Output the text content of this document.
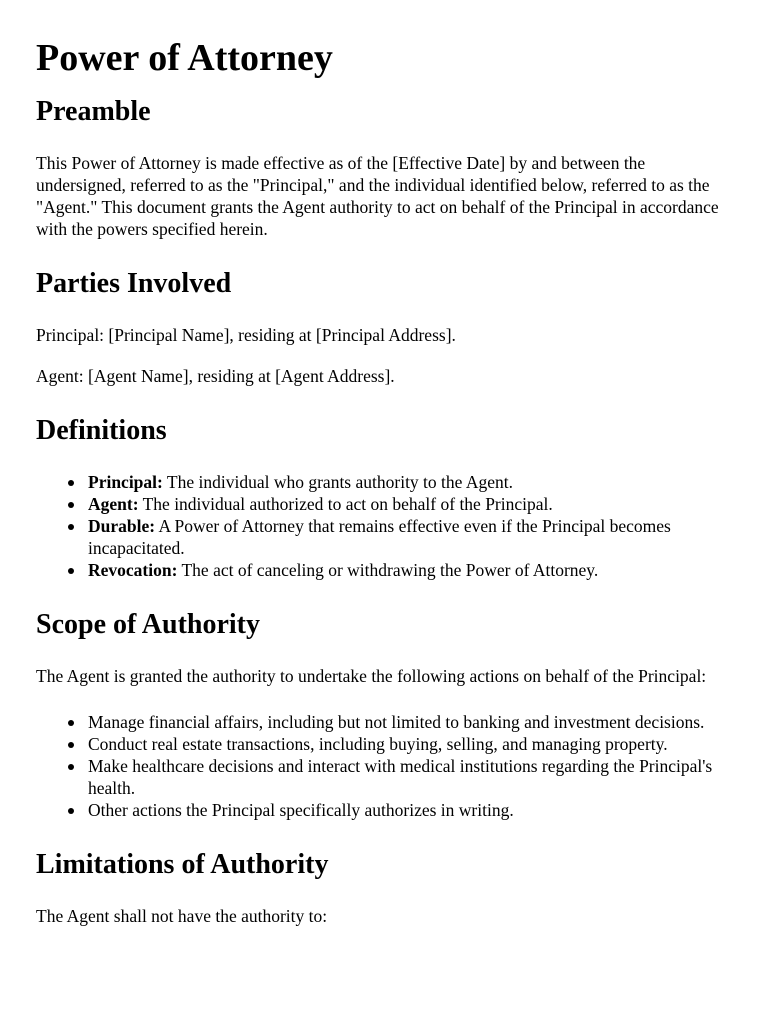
Power of Attorney
Preamble

This Power of Attorney is made effective as of the [Effective Date] by and between the undersigned, referred to as the "Principal," and the individual identified below, referred to as the "Agent." This document grants the Agent authority to act on behalf of the Principal in accordance with the powers specified herein.

Parties Involved

Principal: [Principal Name], residing at [Principal Address].

Agent: [Agent Name], residing at [Agent Address].

Definitions
Principal: The individual who grants authority to the Agent.
Agent: The individual authorized to act on behalf of the Principal.
Durable: A Power of Attorney that remains effective even if the Principal becomes incapacitated.
Revocation: The act of canceling or withdrawing the Power of Attorney.
Scope of Authority

The Agent is granted the authority to undertake the following actions on behalf of the Principal:

Manage financial affairs, including but not limited to banking and investment decisions.
Conduct real estate transactions, including buying, selling, and managing property.
Make healthcare decisions and interact with medical institutions regarding the Principal's health.
Other actions the Principal specifically authorizes in writing.
Limitations of Authority

The Agent shall not have the authority to:
